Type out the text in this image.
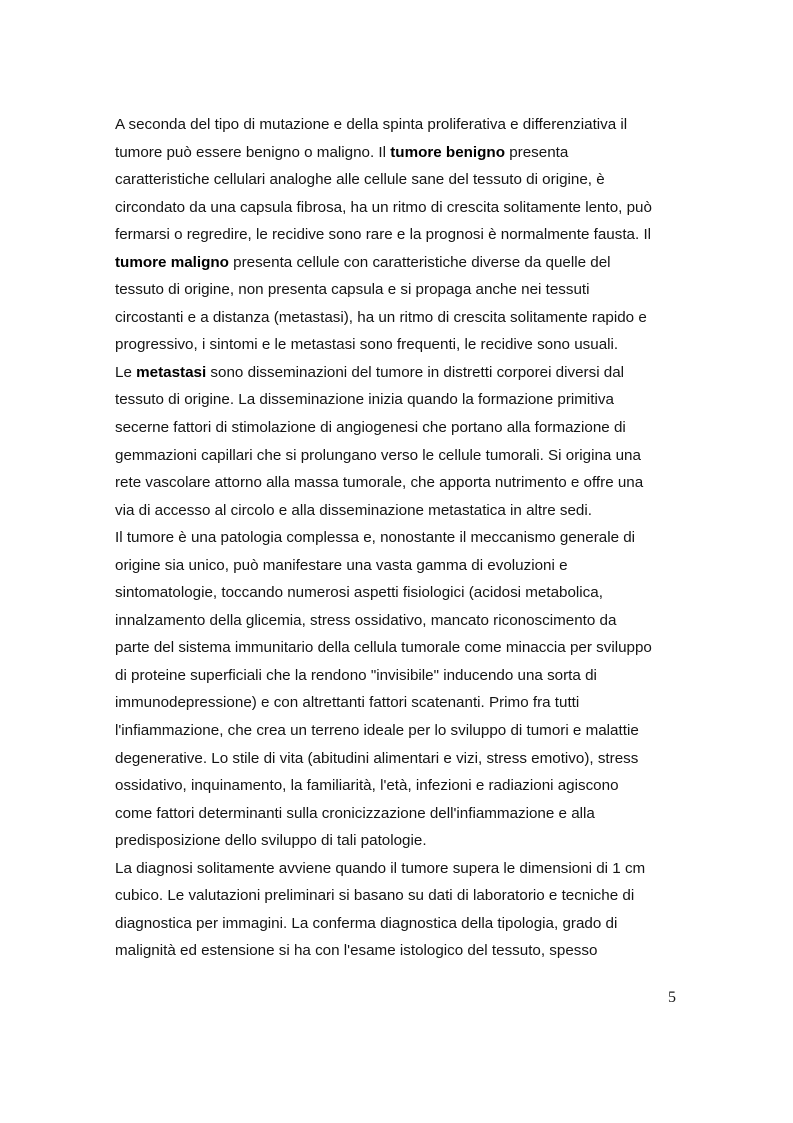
A seconda del tipo di mutazione e della spinta proliferativa e differenziativa il
tumore può essere benigno o maligno. Il tumore benigno presenta
caratteristiche cellulari analoghe alle cellule sane del tessuto di origine, è
circondato da una capsula fibrosa, ha un ritmo di crescita solitamente lento, può
fermarsi o regredire, le recidive sono rare e la prognosi è normalmente fausta. Il
tumore maligno presenta cellule con caratteristiche diverse da quelle del
tessuto di origine, non presenta capsula e si propaga anche nei tessuti
circostanti e a distanza (metastasi), ha un ritmo di crescita solitamente rapido e
progressivo, i sintomi e le metastasi sono frequenti, le recidive sono usuali.
Le metastasi sono disseminazioni del tumore in distretti corporei diversi dal
tessuto di origine. La disseminazione inizia quando la formazione primitiva
secerne fattori di stimolazione di angiogenesi che portano alla formazione di
gemmazioni capillari che si prolungano verso le cellule tumorali. Si origina una
rete vascolare attorno alla massa tumorale, che apporta nutrimento e offre una
via di accesso al circolo e alla disseminazione metastatica in altre sedi.
Il tumore è una patologia complessa e, nonostante il meccanismo generale di
origine sia unico, può manifestare una vasta gamma di evoluzioni e
sintomatologie, toccando numerosi aspetti fisiologici (acidosi metabolica,
innalzamento della glicemia, stress ossidativo, mancato riconoscimento da
parte del sistema immunitario della cellula tumorale come minaccia per sviluppo
di proteine superficiali che la rendono "invisibile" inducendo una sorta di
immunodepressione) e con altrettanti fattori scatenanti. Primo fra tutti
l'infiammazione, che crea un terreno ideale per lo sviluppo di tumori e malattie
degenerative. Lo stile di vita (abitudini alimentari e vizi, stress emotivo), stress
ossidativo, inquinamento, la familiarità, l'età, infezioni e radiazioni agiscono
come fattori determinanti sulla cronicizzazione dell'infiammazione e alla
predisposizione dello sviluppo di tali patologie.
La diagnosi solitamente avviene quando il tumore supera le dimensioni di 1 cm
cubico. Le valutazioni preliminari si basano su dati di laboratorio e tecniche di
diagnostica per immagini. La conferma diagnostica della tipologia, grado di
malignità ed estensione si ha con l'esame istologico del tessuto, spesso
5
